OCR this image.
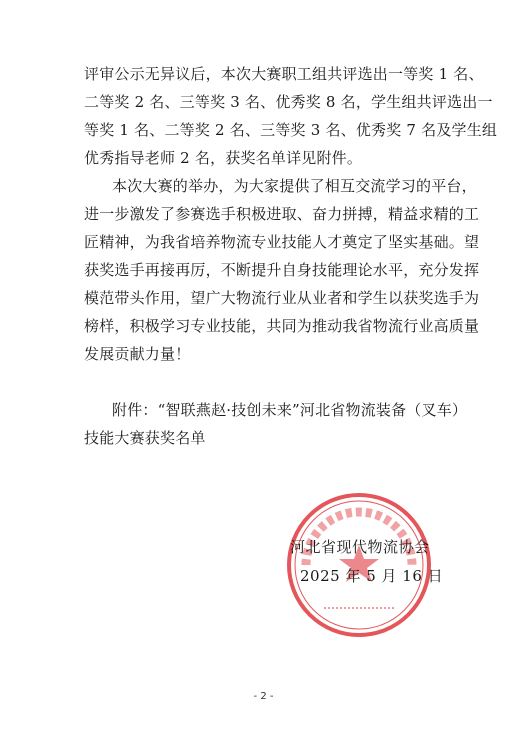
评审公示无异议后，本次大赛职工组共评选出一等奖 1 名、
二等奖 2 名、三等奖 3 名、优秀奖 8 名，学生组共评选出一
等奖 1 名、二等奖 2 名、三等奖 3 名、优秀奖 7 名及学生组
优秀指导老师 2 名，获奖名单详见附件。
本次大赛的举办，为大家提供了相互交流学习的平台，
进一步激发了参赛选手积极进取、奋力拼搏，精益求精的工
匠精神，为我省培养物流专业技能人才奠定了坚实基础。望
获奖选手再接再厉，不断提升自身技能理论水平，充分发挥
模范带头作用，望广大物流行业从业者和学生以获奖选手为
榜样，积极学习专业技能，共同为推动我省物流行业高质量
发展贡献力量！
附件：“智联燕赵·技创未来”河北省物流装备（叉车）
技能大赛获奖名单
河北省现代物流协会
2025 年 5 月 16 日
- 2 -
